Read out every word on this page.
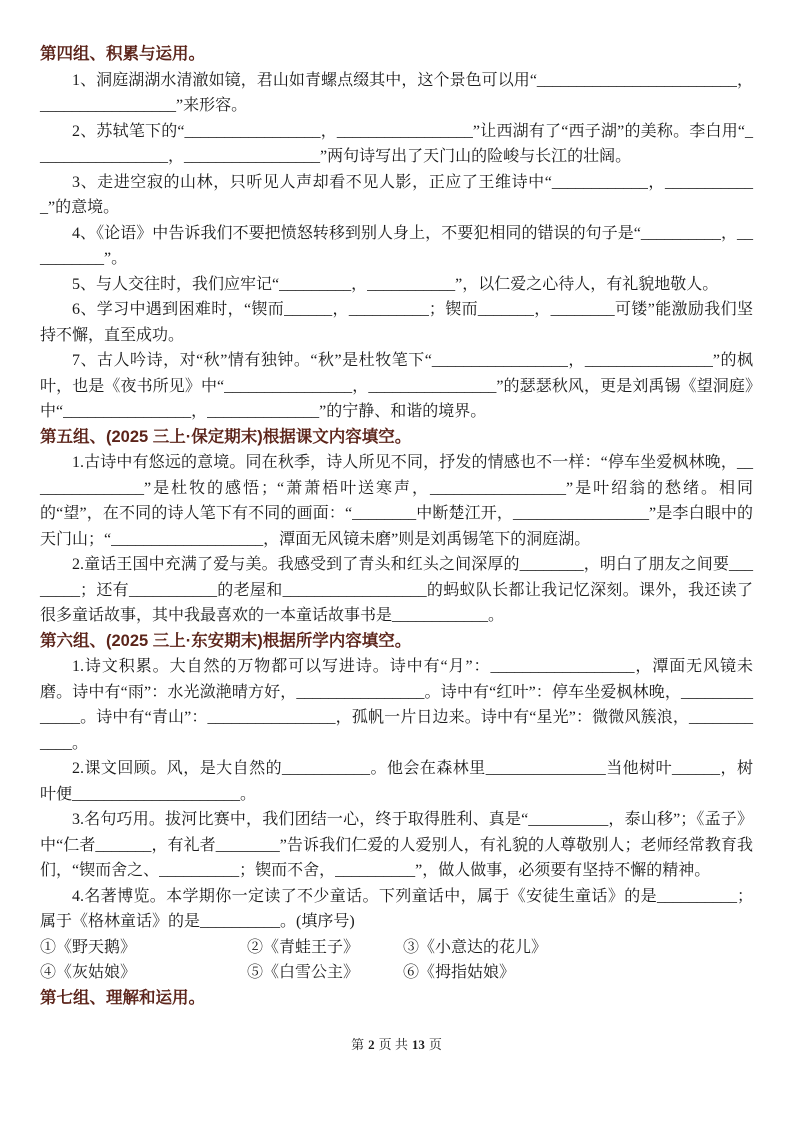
第四组、积累与运用。

1、洞庭湖湖水清澈如镜，君山如青螺点缀其中，这个景色可以用“_________________________，_________________”来形容。

2、苏轼笔下的“_________________，_________________”让西湖有了“西子湖”的美称。李白用“_________________，_________________”两句诗写出了天门山的险峻与长江的壮阔。

3、走进空寂的山林，只听见人声却看不见人影，正应了王维诗中“____________，____________”的意境。

4、《论语》中告诉我们不要把愤怒转移到别人身上，不要犯相同的错误的句子是“__________，__________”。

5、与人交往时，我们应牢记“_________，___________”，以仁爱之心待人，有礼貌地敬人。

6、学习中遇到困难时，“锲而______，__________；锲而_______，________可镂”能激励我们坚持不懈，直至成功。

7、古人吟诗，对“秋”情有独钟。“秋”是杜牧笔下“_________________，________________”的枫叶，也是《夜书所见》中“________________，________________”的瑟瑟秋风，更是刘禹锡《望洞庭》中“________________，______________”的宁静、和谐的境界。

第五组、(2025 三上·保定期末)根据课文内容填空。

1.古诗中有悠远的意境。同在秋季，诗人所见不同，抒发的情感也不一样：“停车坐爱枫林晚，_______________”是杜牧的感悟；“萧萧梧叶送寒声，_________________”是叶绍翁的愁绪。相同的“望”，在不同的诗人笔下有不同的画面：“________中断楚江开，_________________”是李白眼中的天门山；“___________________，潭面无风镜未磨”则是刘禹锡笔下的洞庭湖。

2.童话王国中充满了爱与美。我感受到了青头和红头之间深厚的________，明白了朋友之间要________；还有___________的老屋和__________________的蚂蚁队长都让我记忆深刻。课外，我还读了很多童话故事，其中我最喜欢的一本童话故事书是____________。

第六组、(2025 三上·东安期末)根据所学内容填空。

1.诗文积累。大自然的万物都可以写进诗。诗中有“月”：__________________，潭面无风镜未磨。诗中有“雨”：水光潋滟晴方好，________________。诗中有“红叶”：停车坐爱枫林晚，______________。诗中有“青山”：________________，孤帆一片日边来。诗中有“星光”：微微风簇浪，____________。

2.课文回顾。风，是大自然的___________。他会在森林里_______________当他树叶______，树叶便_____________________。

3.名句巧用。拔河比赛中，我们团结一心，终于取得胜利、真是“__________，泰山移”；《孟子》中“仁者_______，有礼者________”告诉我们仁爱的人爱别人，有礼貌的人尊敬别人；老师经常教育我们，“锲而舍之、__________；锲而不舍，__________”，做人做事，必须要有坚持不懈的精神。

4.名著博览。本学期你一定读了不少童话。下列童话中，属于《安徒生童话》的是__________；属于《格林童话》的是__________。(填序号)

①《野天鹅》	②《青蛙王子》	③《小意达的花儿》
④《灰姑娘》	⑤《白雪公主》	⑥《拇指姑娘》
第七组、理解和运用。
第 2 页 共 13 页
